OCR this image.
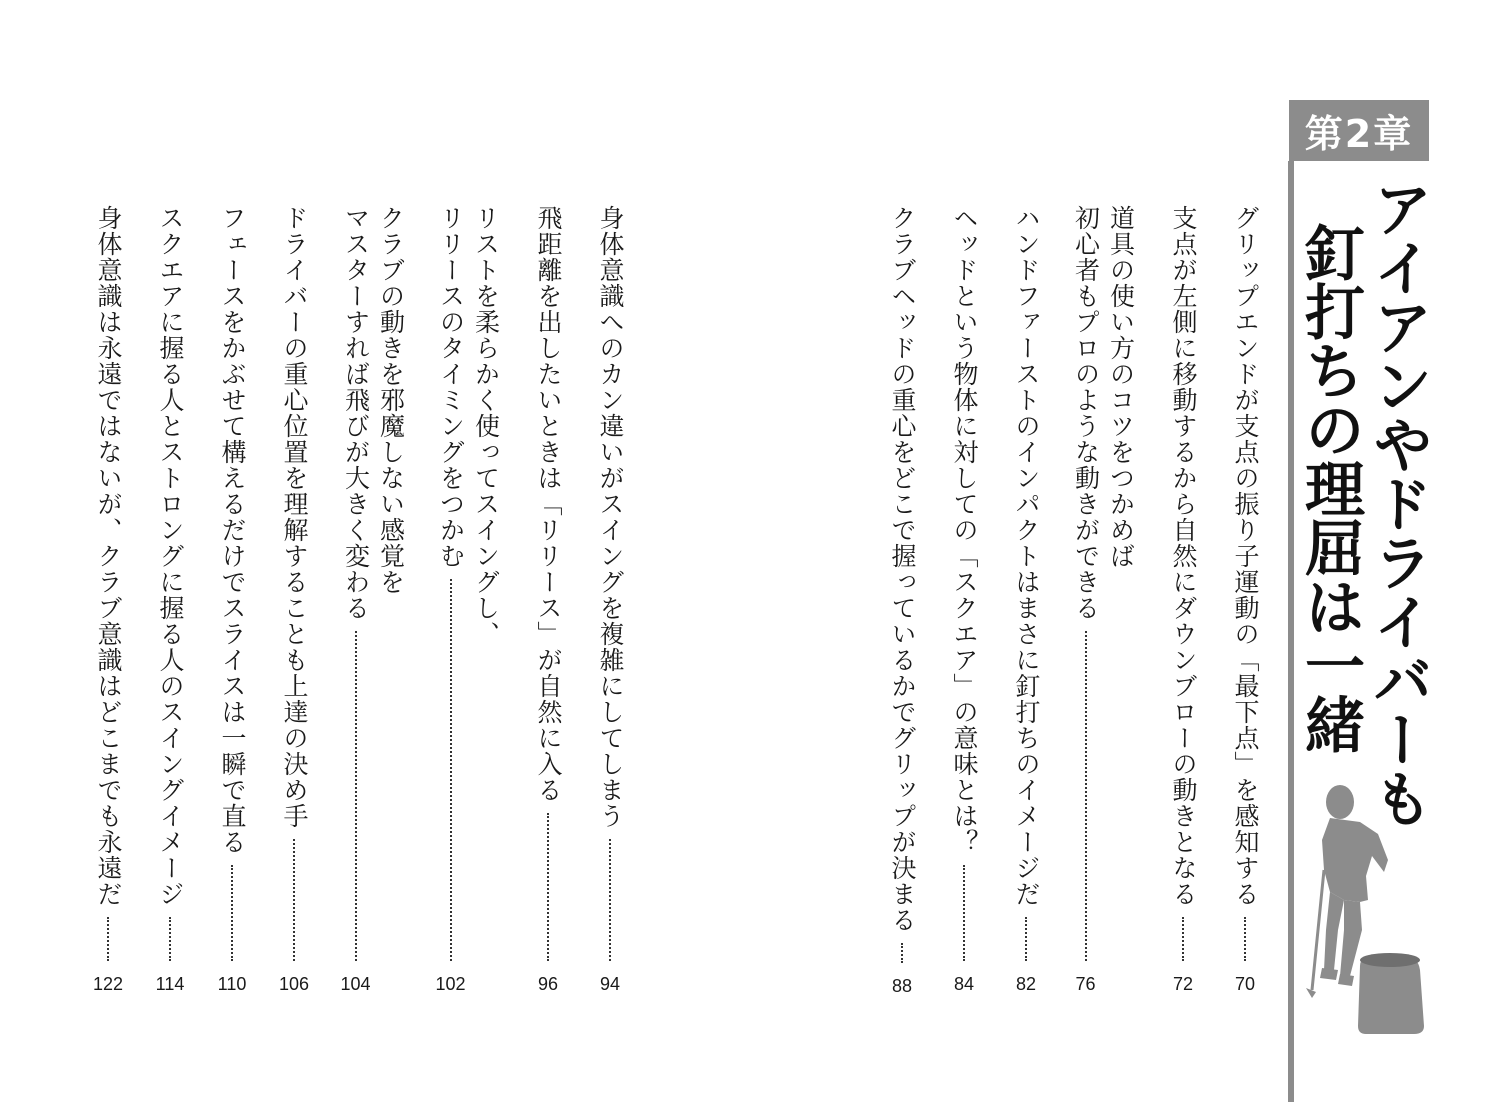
第2章
アイアンやドライバーも
釘打ちの理屈は一緒
グリップエンドが支点の振り子運動の「最下点」を感知する
70
支点が左側に移動するから自然にダウンブローの動きとなる
72
道具の使い方のコツをつかめば
初心者もプロのような動きができる
76
ハンドファーストのインパクトはまさに釘打ちのイメージだ
82
ヘッドという物体に対しての「スクエア」の意味とは？
84
クラブヘッドの重心をどこで握っているかでグリップが決まる
88
身体意識へのカン違いがスイングを複雑にしてしまう
94
飛距離を出したいときは「リリース」が自然に入る
96
リストを柔らかく使ってスイングし、
リリースのタイミングをつかむ
102
クラブの動きを邪魔しない感覚を
マスターすれば飛びが大きく変わる
104
ドライバーの重心位置を理解することも上達の決め手
106
フェースをかぶせて構えるだけでスライスは一瞬で直る
110
スクエアに握る人とストロングに握る人のスイングイメージ
114
身体意識は永遠ではないが、クラブ意識はどこまでも永遠だ
122
